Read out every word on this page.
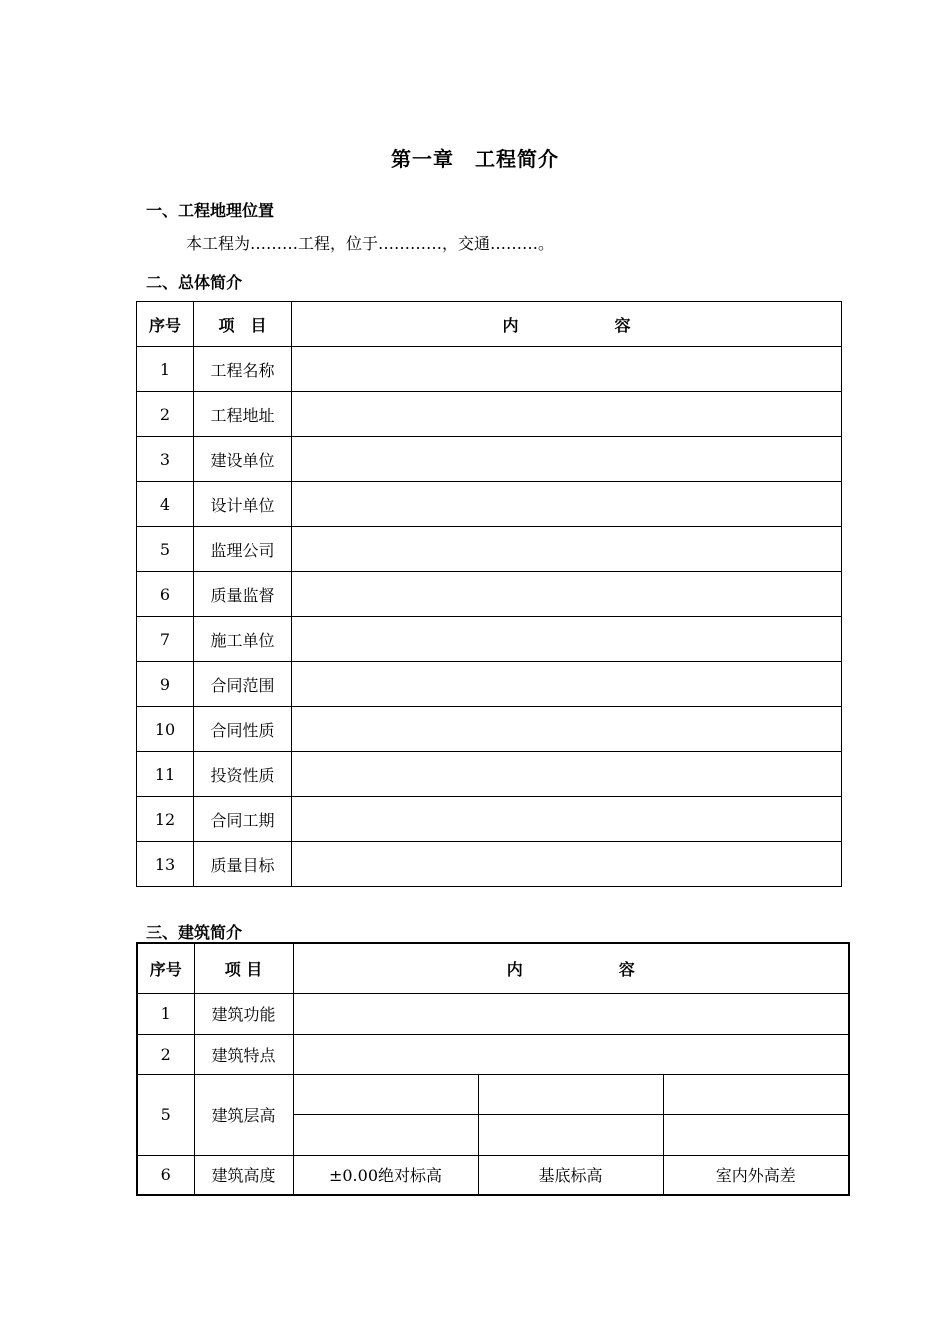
第一章　工程简介
一、工程地理位置
本工程为………工程，位于…………，交通………。
二、总体简介
序号	项　目	内　　　　　　容
1	工程名称	
2	工程地址	
3	建设单位	
4	设计单位	
5	监理公司	
6	质量监督	
7	施工单位	
9	合同范围	
10	合同性质	
11	投资性质	
12	合同工期	
13	质量目标	
三、建筑简介
序号	项 目	内　　　　　　容		
1	建筑功能			
2	建筑特点			
5	建筑层高			

6	建筑高度	±0.00绝对标高	基底标高	室内外高差
